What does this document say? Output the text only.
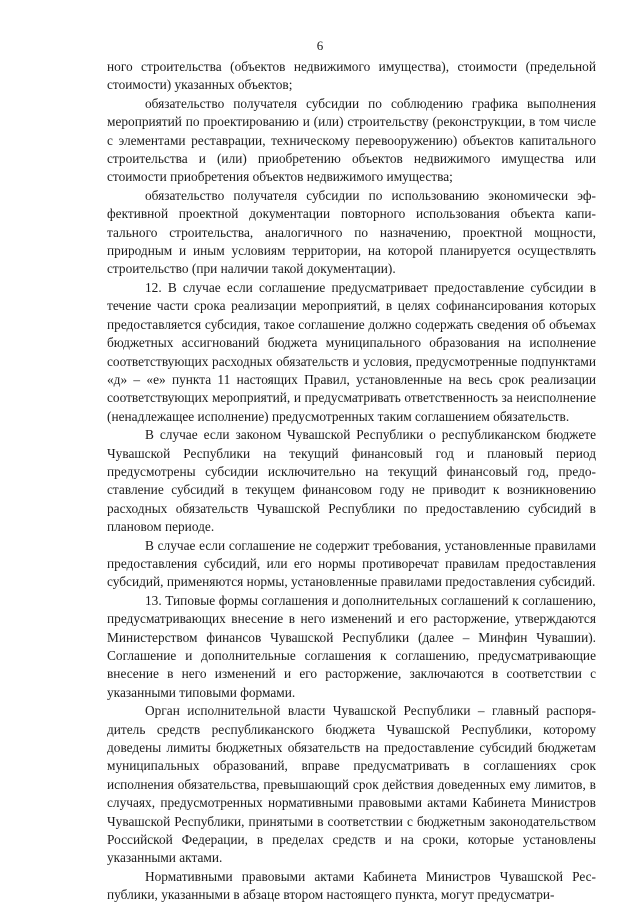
6

ного строительства (объектов недвижимого имущества), стоимости (предельной стоимости) указанных объектов;

обязательство получателя субсидии по соблюдению графика выполнения мероприятий по проектированию и (или) строительству (реконструкции, в том числе с элементами реставрации, техническому перевооружению) объектов капитального строительства и (или) приобретению объектов недвижимого имущества или стоимости приобретения объектов недвижимого имущества;

обязательство получателя субсидии по использованию экономически эффективной проектной документации повторного использования объекта капитального строительства, аналогичного по назначению, проектной мощности, природным и иным условиям территории, на которой планируется осуществлять строительство (при наличии такой документации).

12. В случае если соглашение предусматривает предоставление субсидии в течение части срока реализации мероприятий, в целях софинансирования которых предоставляется субсидия, такое соглашение должно содержать сведения об объемах бюджетных ассигнований бюджета муниципального образования на исполнение соответствующих расходных обязательств и условия, предусмотренные подпунктами «д» – «е» пункта 11 настоящих Правил, установленные на весь срок реализации соответствующих мероприятий, и предусматривать ответственность за неисполнение (ненадлежащее исполнение) предусмотренных таким соглашением обязательств.

В случае если законом Чувашской Республики о республиканском бюджете Чувашской Республики на текущий финансовый год и плановый период предусмотрены субсидии исключительно на текущий финансовый год, предоставление субсидий в текущем финансовом году не приводит к возникновению расходных обязательств Чувашской Республики по предоставлению субсидий в плановом периоде.

В случае если соглашение не содержит требования, установленные правилами предоставления субсидий, или его нормы противоречат правилам предоставления субсидий, применяются нормы, установленные правилами предоставления субсидий.

13. Типовые формы соглашения и дополнительных соглашений к соглашению, предусматривающих внесение в него изменений и его расторжение, утверждаются Министерством финансов Чувашской Республики (далее – Минфин Чувашии). Соглашение и дополнительные соглашения к соглашению, предусматривающие внесение в него изменений и его расторжение, заключаются в соответствии с указанными типовыми формами.

Орган исполнительной власти Чувашской Республики – главный распорядитель средств республиканского бюджета Чувашской Республики, которому доведены лимиты бюджетных обязательств на предоставление субсидий бюджетам муниципальных образований, вправе предусматривать в соглашениях срок исполнения обязательства, превышающий срок действия доведенных ему лимитов, в случаях, предусмотренных нормативными правовыми актами Кабинета Министров Чувашской Республики, принятыми в соответствии с бюджетным законодательством Российской Федерации, в пределах средств и на сроки, которые установлены указанными актами.

Нормативными правовыми актами Кабинета Министров Чувашской Республики, указанными в абзаце втором настоящего пункта, могут предусматри-
